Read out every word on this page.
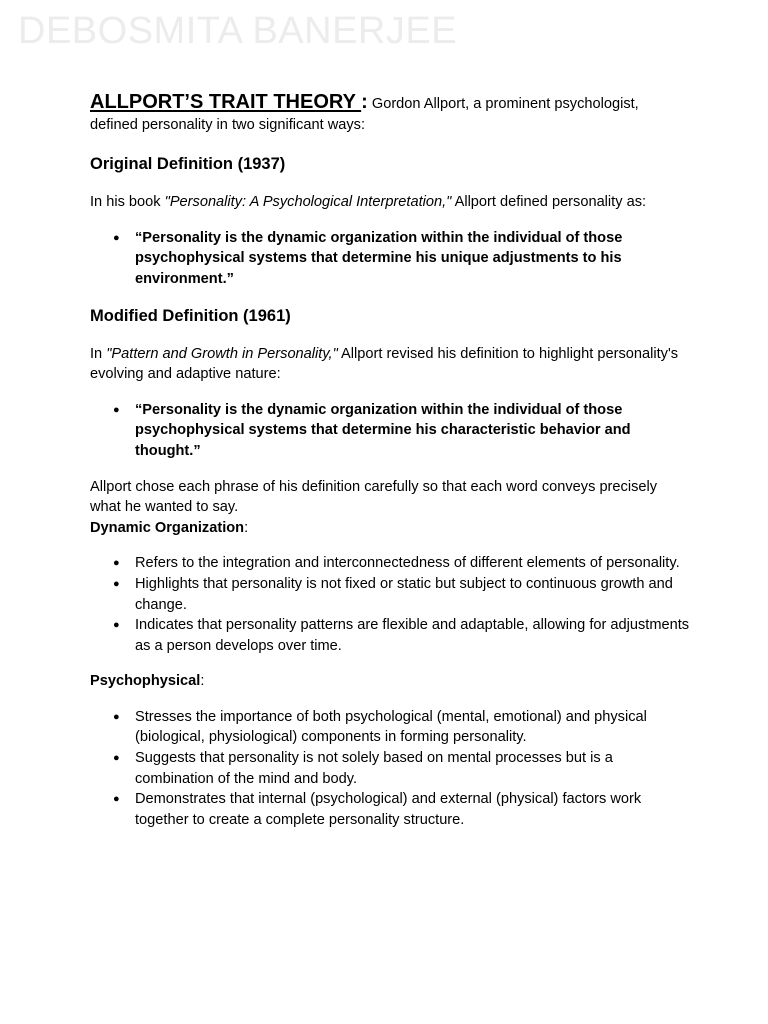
DEBOSMITA BANERJEE

ALLPORT’S TRAIT THEORY : Gordon Allport, a prominent psychologist, defined personality in two significant ways:

Original Definition (1937)

In his book "Personality: A Psychological Interpretation," Allport defined personality as:

● “Personality is the dynamic organization within the individual of those psychophysical systems that determine his unique adjustments to his environment.”
Modified Definition (1961)

In "Pattern and Growth in Personality," Allport revised his definition to highlight personality's evolving and adaptive nature:

● “Personality is the dynamic organization within the individual of those psychophysical systems that determine his characteristic behavior and thought.”

Allport chose each phrase of his definition carefully so that each word conveys precisely what he wanted to say.

Dynamic Organization:

● Refers to the integration and interconnectedness of different elements of personality.
● Highlights that personality is not fixed or static but subject to continuous growth and change.
● Indicates that personality patterns are flexible and adaptable, allowing for adjustments as a person develops over time.

Psychophysical:

● Stresses the importance of both psychological (mental, emotional) and physical (biological, physiological) components in forming personality.
● Suggests that personality is not solely based on mental processes but is a combination of the mind and body.
● Demonstrates that internal (psychological) and external (physical) factors work together to create a complete personality structure.
